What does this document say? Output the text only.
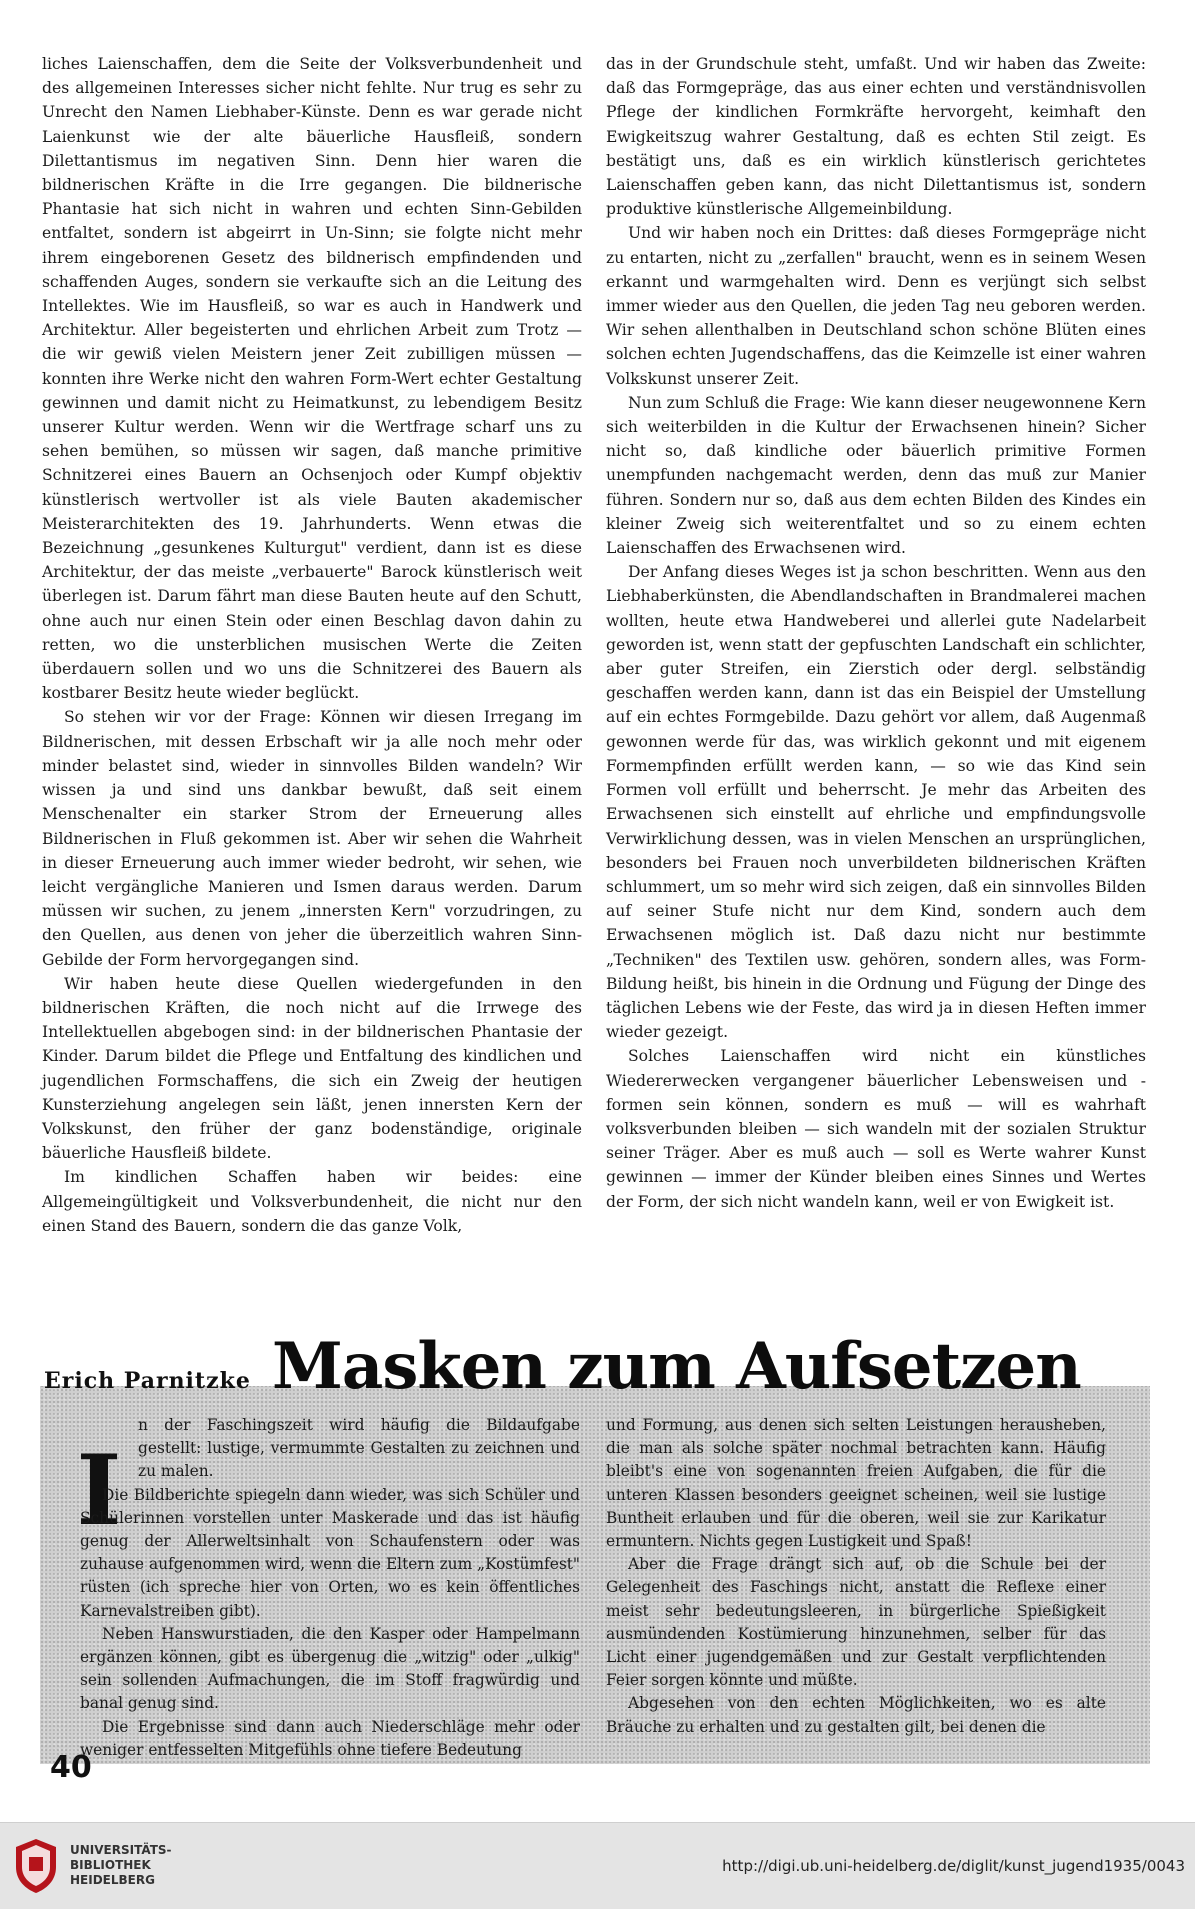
liches Laienschaffen, dem die Seite der Volksverbundenheit und des allgemeinen Interesses sicher nicht fehlte. Nur trug es sehr zu Unrecht den Namen Liebhaber-Künste. Denn es war gerade nicht Laienkunst wie der alte bäuerliche Hausfleiß, sondern Dilettantismus im negativen Sinn. Denn hier waren die bildnerischen Kräfte in die Irre gegangen. Die bildnerische Phantasie hat sich nicht in wahren und echten Sinn-Gebilden entfaltet, sondern ist abgeirrt in Un-Sinn; sie folgte nicht mehr ihrem eingeborenen Gesetz des bildnerisch empfindenden und schaffenden Auges, sondern sie verkaufte sich an die Leitung des Intellektes. Wie im Hausfleiß, so war es auch in Handwerk und Architektur. Aller begeisterten und ehrlichen Arbeit zum Trotz — die wir gewiß vielen Meistern jener Zeit zubilligen müssen — konnten ihre Werke nicht den wahren Form-Wert echter Gestaltung gewinnen und damit nicht zu Heimatkunst, zu lebendigem Besitz unserer Kultur werden. Wenn wir die Wertfrage scharf uns zu sehen bemühen, so müssen wir sagen, daß manche primitive Schnitzerei eines Bauern an Ochsenjoch oder Kumpf objektiv künstlerisch wertvoller ist als viele Bauten akademischer Meisterarchitekten des 19. Jahrhunderts. Wenn etwas die Bezeichnung „gesunkenes Kulturgut" verdient, dann ist es diese Architektur, der das meiste „verbauerte" Barock künstlerisch weit überlegen ist. Darum fährt man diese Bauten heute auf den Schutt, ohne auch nur einen Stein oder einen Beschlag davon dahin zu retten, wo die unsterblichen musischen Werte die Zeiten überdauern sollen und wo uns die Schnitzerei des Bauern als kostbarer Besitz heute wieder beglückt.

So stehen wir vor der Frage: Können wir diesen Irregang im Bildnerischen, mit dessen Erbschaft wir ja alle noch mehr oder minder belastet sind, wieder in sinnvolles Bilden wandeln? Wir wissen ja und sind uns dankbar bewußt, daß seit einem Menschenalter ein starker Strom der Erneuerung alles Bildnerischen in Fluß gekommen ist. Aber wir sehen die Wahrheit in dieser Erneuerung auch immer wieder bedroht, wir sehen, wie leicht vergängliche Manieren und Ismen daraus werden. Darum müssen wir suchen, zu jenem „innersten Kern" vorzudringen, zu den Quellen, aus denen von jeher die überzeitlich wahren Sinn-Gebilde der Form hervorgegangen sind.

Wir haben heute diese Quellen wiedergefunden in den bildnerischen Kräften, die noch nicht auf die Irrwege des Intellektuellen abgebogen sind: in der bildnerischen Phantasie der Kinder. Darum bildet die Pflege und Entfaltung des kindlichen und jugendlichen Formschaffens, die sich ein Zweig der heutigen Kunsterziehung angelegen sein läßt, jenen innersten Kern der Volkskunst, den früher der ganz bodenständige, originale bäuerliche Hausfleiß bildete.

Im kindlichen Schaffen haben wir beides: eine Allgemeingültigkeit und Volksverbundenheit, die nicht nur den einen Stand des Bauern, sondern die das ganze Volk,

das in der Grundschule steht, umfaßt. Und wir haben das Zweite: daß das Formgepräge, das aus einer echten und verständnisvollen Pflege der kindlichen Formkräfte hervorgeht, keimhaft den Ewigkeitszug wahrer Gestaltung, daß es echten Stil zeigt. Es bestätigt uns, daß es ein wirklich künstlerisch gerichtetes Laienschaffen geben kann, das nicht Dilettantismus ist, sondern produktive künstlerische Allgemeinbildung.

Und wir haben noch ein Drittes: daß dieses Formgepräge nicht zu entarten, nicht zu „zerfallen" braucht, wenn es in seinem Wesen erkannt und warmgehalten wird. Denn es verjüngt sich selbst immer wieder aus den Quellen, die jeden Tag neu geboren werden. Wir sehen allenthalben in Deutschland schon schöne Blüten eines solchen echten Jugendschaffens, das die Keimzelle ist einer wahren Volkskunst unserer Zeit.

Nun zum Schluß die Frage: Wie kann dieser neugewonnene Kern sich weiterbilden in die Kultur der Erwachsenen hinein? Sicher nicht so, daß kindliche oder bäuerlich primitive Formen unempfunden nachgemacht werden, denn das muß zur Manier führen. Sondern nur so, daß aus dem echten Bilden des Kindes ein kleiner Zweig sich weiterentfaltet und so zu einem echten Laienschaffen des Erwachsenen wird.

Der Anfang dieses Weges ist ja schon beschritten. Wenn aus den Liebhaberkünsten, die Abendlandschaften in Brandmalerei machen wollten, heute etwa Handweberei und allerlei gute Nadelarbeit geworden ist, wenn statt der gepfuschten Landschaft ein schlichter, aber guter Streifen, ein Zierstich oder dergl. selbständig geschaffen werden kann, dann ist das ein Beispiel der Umstellung auf ein echtes Formgebilde. Dazu gehört vor allem, daß Augenmaß gewonnen werde für das, was wirklich gekonnt und mit eigenem Formempfinden erfüllt werden kann, — so wie das Kind sein Formen voll erfüllt und beherrscht. Je mehr das Arbeiten des Erwachsenen sich einstellt auf ehrliche und empfindungsvolle Verwirklichung dessen, was in vielen Menschen an ursprünglichen, besonders bei Frauen noch unverbildeten bildnerischen Kräften schlummert, um so mehr wird sich zeigen, daß ein sinnvolles Bilden auf seiner Stufe nicht nur dem Kind, sondern auch dem Erwachsenen möglich ist. Daß dazu nicht nur bestimmte „Techniken" des Textilen usw. gehören, sondern alles, was Form-Bildung heißt, bis hinein in die Ordnung und Fügung der Dinge des täglichen Lebens wie der Feste, das wird ja in diesen Heften immer wieder gezeigt.

Solches Laienschaffen wird nicht ein künstliches Wiedererwecken vergangener bäuerlicher Lebensweisen und -formen sein können, sondern es muß — will es wahrhaft volksverbunden bleiben — sich wandeln mit der sozialen Struktur seiner Träger. Aber es muß auch — soll es Werte wahrer Kunst gewinnen — immer der Künder bleiben eines Sinnes und Wertes der Form, der sich nicht wandeln kann, weil er von Ewigkeit ist.

Erich Parnitzke Masken zum Aufsetzen
I

n der Faschingszeit wird häufig die Bildaufgabe gestellt: lustige, vermummte Gestalten zu zeichnen und zu malen.

Die Bildberichte spiegeln dann wieder, was sich Schüler und Schülerinnen vorstellen unter Maskerade und das ist häufig genug der Allerweltsinhalt von Schaufenstern oder was zuhause aufgenommen wird, wenn die Eltern zum „Kostümfest" rüsten (ich spreche hier von Orten, wo es kein öffentliches Karnevalstreiben gibt).

Neben Hanswurstiaden, die den Kasper oder Hampelmann ergänzen können, gibt es übergenug die „witzig" oder „ulkig" sein sollenden Aufmachungen, die im Stoff fragwürdig und banal genug sind.

Die Ergebnisse sind dann auch Niederschläge mehr oder weniger entfesselten Mitgefühls ohne tiefere Bedeutung

und Formung, aus denen sich selten Leistungen herausheben, die man als solche später nochmal betrachten kann. Häufig bleibt's eine von sogenannten freien Aufgaben, die für die unteren Klassen besonders geeignet scheinen, weil sie lustige Buntheit erlauben und für die oberen, weil sie zur Karikatur ermuntern. Nichts gegen Lustigkeit und Spaß!

Aber die Frage drängt sich auf, ob die Schule bei der Gelegenheit des Faschings nicht, anstatt die Reflexe einer meist sehr bedeutungsleeren, in bürgerliche Spießigkeit ausmündenden Kostümierung hinzunehmen, selber für das Licht einer jugendgemäßen und zur Gestalt verpflichtenden Feier sorgen könnte und müßte.

Abgesehen von den echten Möglichkeiten, wo es alte Bräuche zu erhalten und zu gestalten gilt, bei denen die

40
UNIVERSITÄTS-
BIBLIOTHEK
HEIDELBERG
http://digi.ub.uni-heidelberg.de/diglit/kunst_jugend1935/0043
